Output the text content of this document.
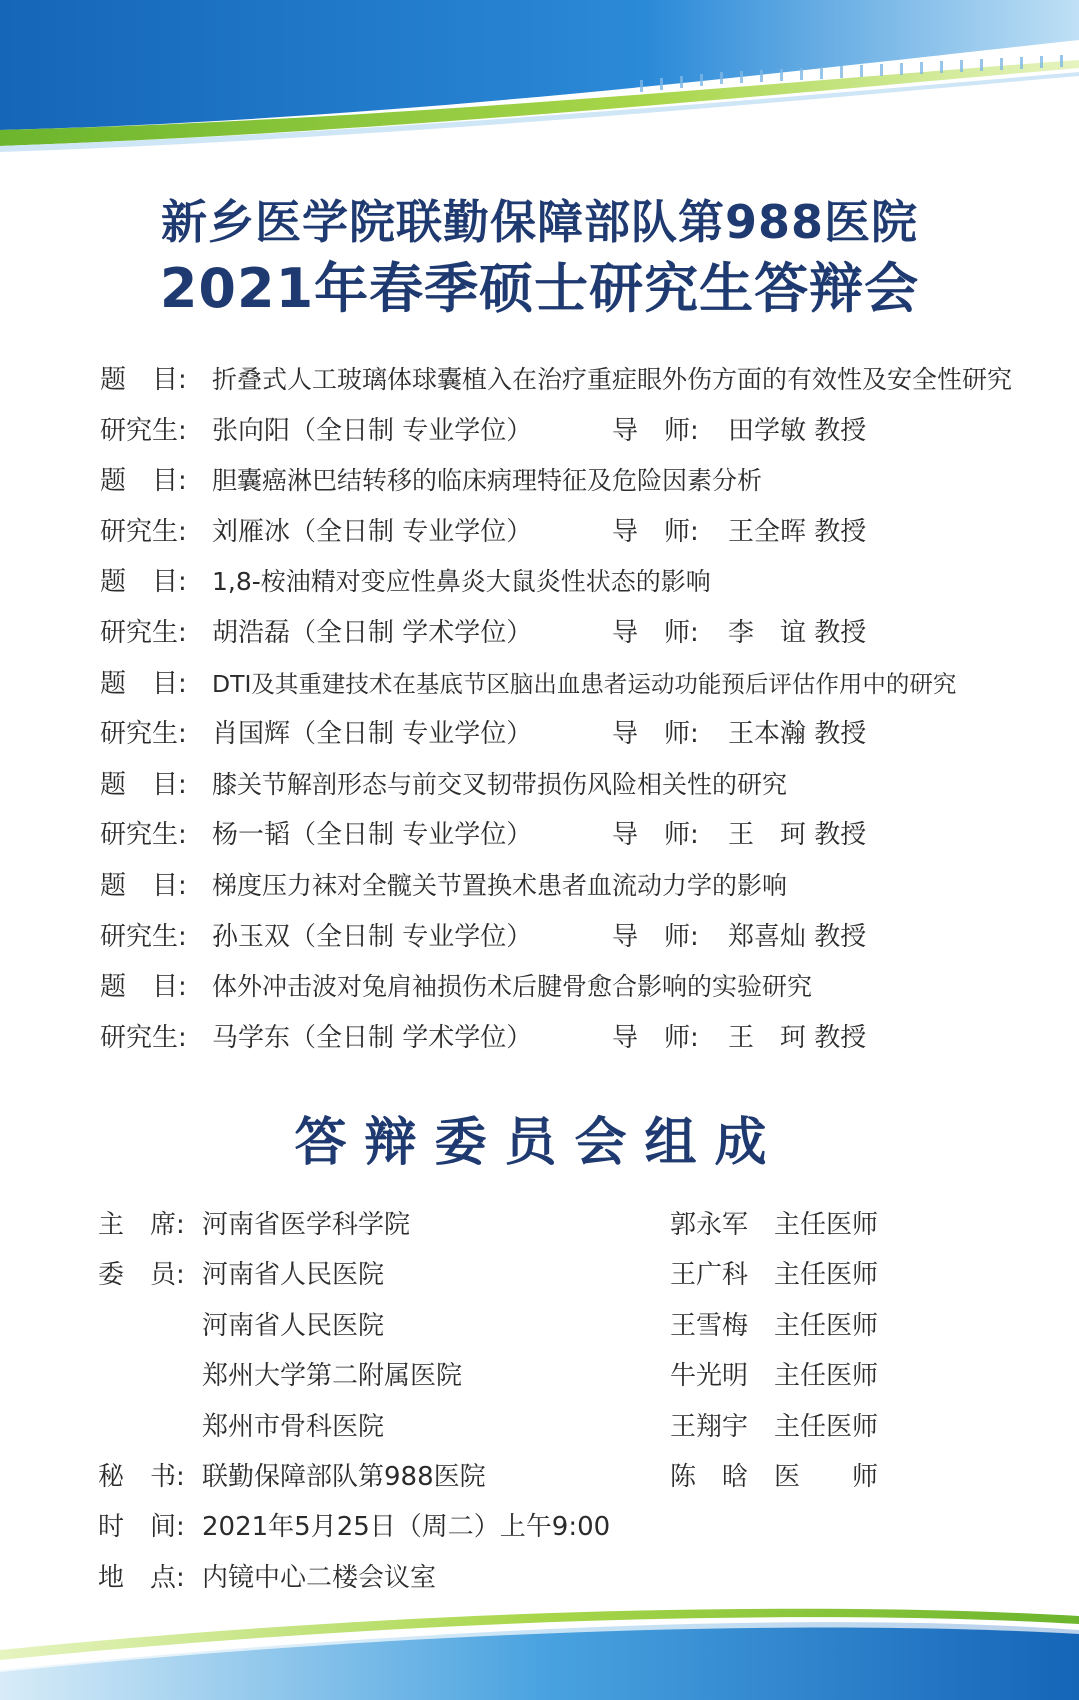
新乡医学院联勤保障部队第988医院
2021年春季硕士研究生答辩会
题 目:	折叠式人工玻璃体球囊植入在治疗重症眼外伤方面的有效性及安全性研究
研究生: 张向阳（全日制 专业学位）	导 师: 田学敏 教授
题 目:	胆囊癌淋巴结转移的临床病理特征及危险因素分析
研究生: 刘雁冰（全日制 专业学位）	导 师: 王全晖 教授
题 目:	1,8-桉油精对变应性鼻炎大鼠炎性状态的影响
研究生: 胡浩磊（全日制 学术学位）	导 师: 李　谊 教授
题 目:	DTI及其重建技术在基底节区脑出血患者运动功能预后评估作用中的研究
研究生: 肖国辉（全日制 专业学位）	导 师: 王本瀚 教授
题 目:	膝关节解剖形态与前交叉韧带损伤风险相关性的研究
研究生: 杨一韬（全日制 专业学位）	导 师: 王　珂 教授
题 目:	梯度压力袜对全髋关节置换术患者血流动力学的影响
研究生: 孙玉双（全日制 专业学位）	导 师: 郑喜灿 教授
题 目:	体外冲击波对兔肩袖损伤术后腱骨愈合影响的实验研究
研究生: 马学东（全日制 学术学位）	导 师: 王　珂 教授
答辩委员会组成
主 席: 河南省医学科学院	郭永军 主任医师
委 员: 河南省人民医院	王广科 主任医师
河南省人民医院	王雪梅 主任医师
郑州大学第二附属医院	牛光明 主任医师
郑州市骨科医院	王翔宇 主任医师
秘 书: 联勤保障部队第988医院	陈　晗 医　　师
时 间: 2021年5月25日（周二）上午9:00
地 点: 内镜中心二楼会议室
